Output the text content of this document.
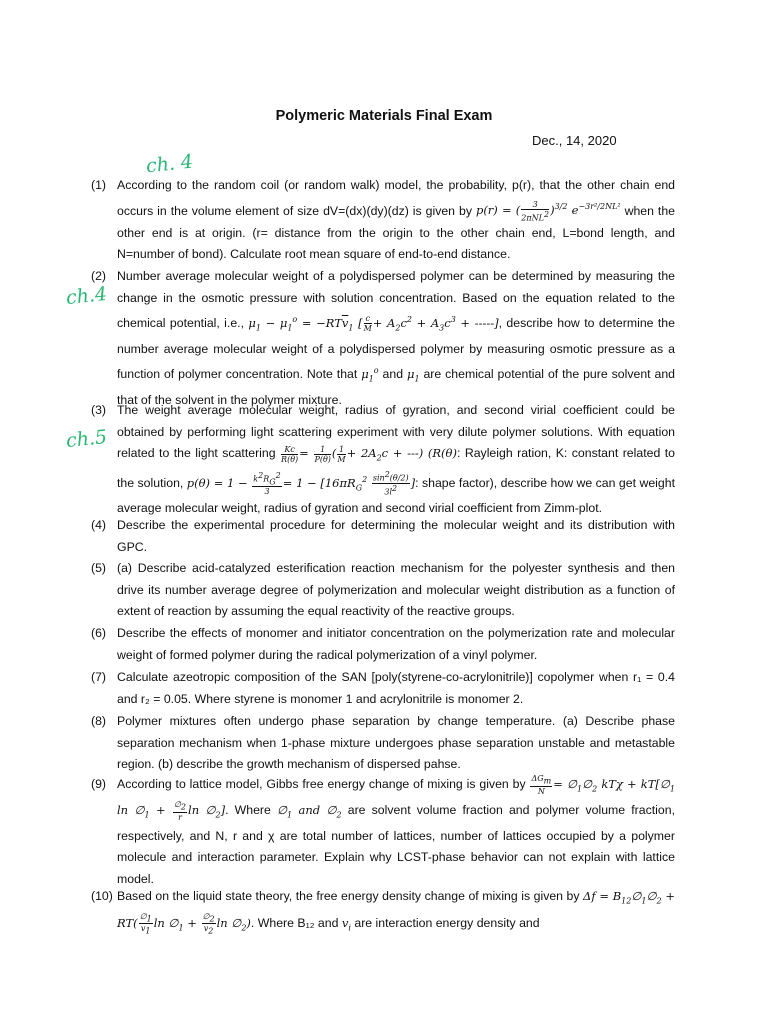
Polymeric Materials Final Exam
Dec., 14, 2020
ch. 4
ch.4
ch.5
(1) According to the random coil (or random walk) model, the probability, p(r), that the other chain end occurs in the volume element of size dV=(dx)(dy)(dz) is given by p(r) = ( $\frac{3}{2\pi NL^2} )^{3/2}$ $e^{-3r^2/2NL^2}$ when the other end is at origin. (r= distance from the origin to the other chain end, L=bond length, and N=number of bond). Calculate root mean square of end-to-end distance.
(2) Number average molecular weight of a polydispersed polymer can be determined by measuring the change in the osmotic pressure with solution concentration. Based on the equation related to the chemical potential, i.e., $\mu_1 - \mu_1^o = -RT\overline{v}_1$ [ $\frac{c}{M} + A_2c^2 + A_3c^3$ + -----], describe how to determine the number average molecular weight of a polydispersed polymer by measuring osmotic pressure as a function of polymer concentration. Note that $\mu_1^o$ and $\mu_1$ are chemical potential of the pure solvent and that of the solvent in the polymer mixture.
(3) The weight average molecular weight, radius of gyration, and second virial coefficient could be obtained by performing light scattering experiment with very dilute polymer solutions. With equation related to the light scattering $\frac{Kc}{R(\theta)} = \frac{1}{P(\theta)}$ ( $\frac{1}{M} + 2A_2c$ + ---) (R(θ): Rayleigh ration, K: constant related to the solution, $p(\theta) = 1 - \frac{k^2R_G^2}{3} = 1 - [16\pi R_G^2 \frac{\sin^2(\theta/2)}{3l^2}$ ]: shape factor), describe how we can get weight average molecular weight, radius of gyration and second virial coefficient from Zimm-plot.
(4) Describe the experimental procedure for determining the molecular weight and its distribution with GPC.
(5) (a) Describe acid-catalyzed esterification reaction mechanism for the polyester synthesis and then drive its number average degree of polymerization and molecular weight distribution as a function of extent of reaction by assuming the equal reactivity of the reactive groups.
(6) Describe the effects of monomer and initiator concentration on the polymerization rate and molecular weight of formed polymer during the radical polymerization of a vinyl polymer.
(7) Calculate azeotropic composition of the SAN [poly(styrene-co-acrylonitrile)] copolymer when r₁ = 0.4 and r₂ = 0.05. Where styrene is monomer 1 and acrylonitrile is monomer 2.
(8) Polymer mixtures often undergo phase separation by change temperature. (a) Describe phase separation mechanism when 1-phase mixture undergoes phase separation unstable and metastable region. (b) describe the growth mechanism of dispersed pahse.
(9) According to lattice model, Gibbs free energy change of mixing is given by $\frac{\Delta G_m}{N}$ = $\emptyset_1\emptyset_2$ $kT\chi + kT[\emptyset_1$ $\ln \emptyset_1 + \frac{\emptyset_2}{r}$ $\ln \emptyset_2$]. Where $\emptyset_1$ and $\emptyset_2$ are solvent volume fraction and polymer volume fraction, respectively, and N, r and χ are total number of lattices, number of lattices occupied by a polymer molecule and interaction parameter. Explain why LCST-phase behavior can not explain with lattice model.
(10) Based on the liquid state theory, the free energy density change of mixing is given by $\Delta f = B_{12}\emptyset_1\emptyset_2 + RT( \frac{\emptyset_1}{v_1}$ $\ln \emptyset_1 + \frac{\emptyset_2}{v_2}$ $\ln \emptyset_2$). Where B₁₂ and $v_i$ are interaction energy density and
